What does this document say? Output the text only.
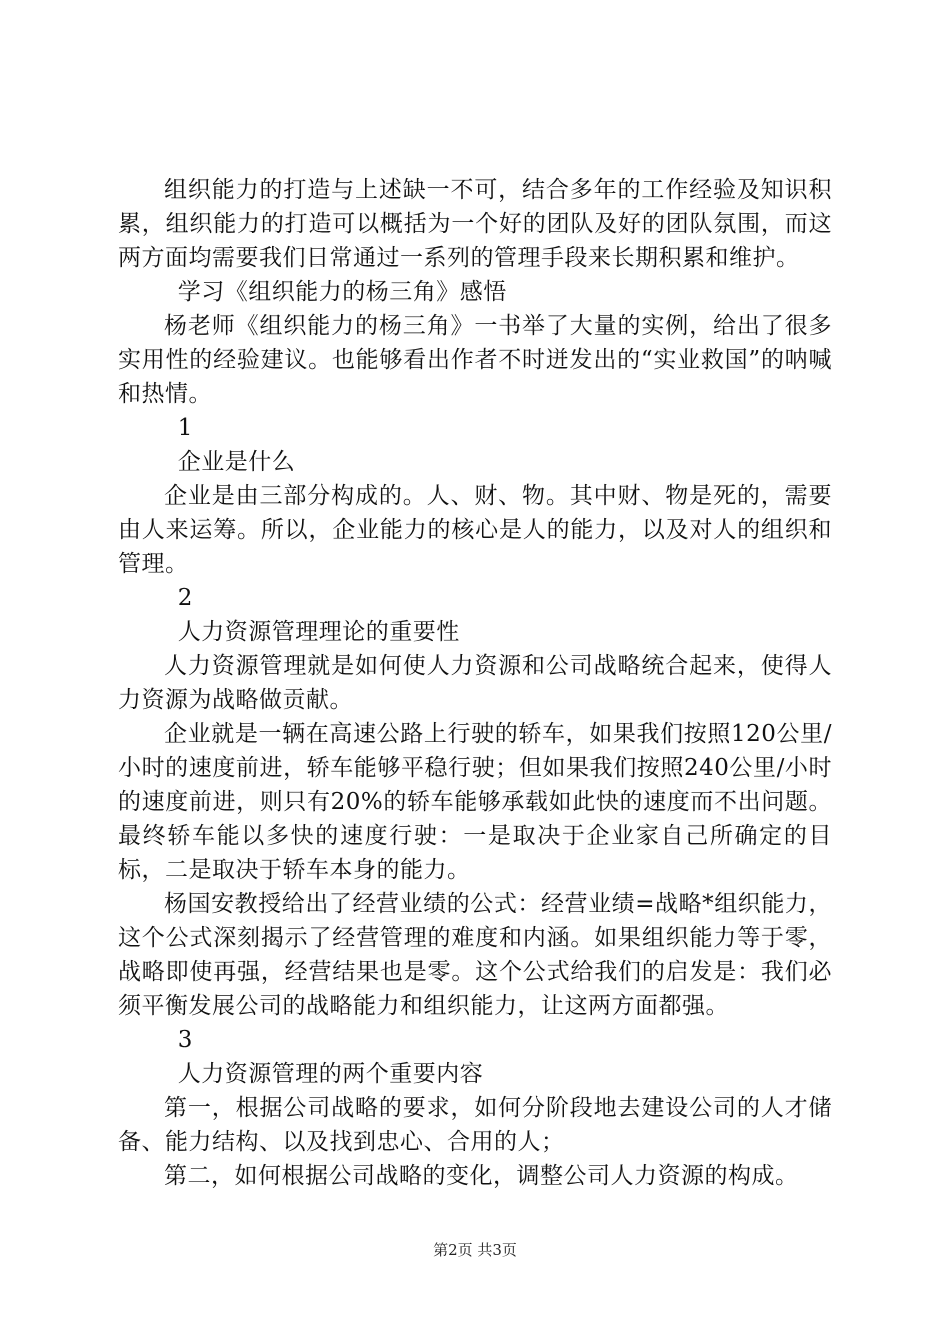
组织能力的打造与上述缺一不可，结合多年的工作经验及知识积累，组织能力的打造可以概括为一个好的团队及好的团队氛围，而这两方面均需要我们日常通过一系列的管理手段来长期积累和维护。

学习《组织能力的杨三角》感悟

杨老师《组织能力的杨三角》一书举了大量的实例，给出了很多实用性的经验建议。也能够看出作者不时迸发出的“实业救国”的呐喊和热情。

1

企业是什么

企业是由三部分构成的。人、财、物。其中财、物是死的，需要由人来运筹。所以，企业能力的核心是人的能力，以及对人的组织和管理。

2

人力资源管理理论的重要性

人力资源管理就是如何使人力资源和公司战略统合起来，使得人力资源为战略做贡献。

企业就是一辆在高速公路上行驶的轿车，如果我们按照120公里/小时的速度前进，轿车能够平稳行驶；但如果我们按照240公里/小时的速度前进，则只有20%的轿车能够承载如此快的速度而不出问题。最终轿车能以多快的速度行驶：一是取决于企业家自己所确定的目标，二是取决于轿车本身的能力。

杨国安教授给出了经营业绩的公式：经营业绩=战略*组织能力，这个公式深刻揭示了经营管理的难度和内涵。如果组织能力等于零，战略即使再强，经营结果也是零。这个公式给我们的启发是：我们必须平衡发展公司的战略能力和组织能力，让这两方面都强。

3

人力资源管理的两个重要内容

第一，根据公司战略的要求，如何分阶段地去建设公司的人才储备、能力结构、以及找到忠心、合用的人；

第二，如何根据公司战略的变化，调整公司人力资源的构成。

第2页 共3页
